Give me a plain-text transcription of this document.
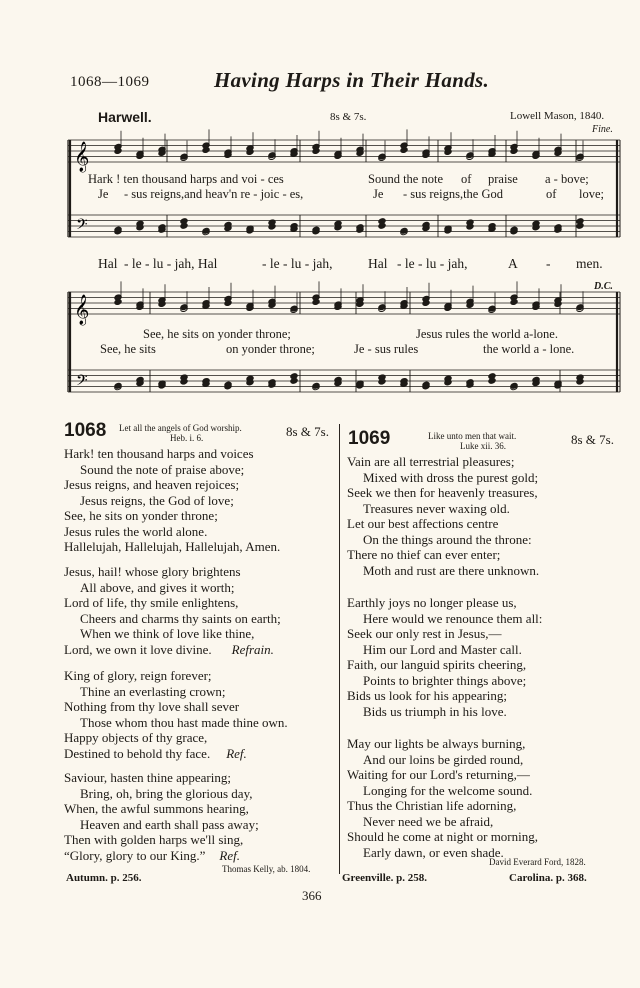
1068—1069	Having Harps in Their Hands.
Harwell.	8s & 7s.	Lowell Mason, 1840.
Fine.
D.C.
𝄞
𝄞
𝄢
𝄢
Hark ! ten thousand harps and voi - ces	Sound the note of praise a - bove;
Je - sus reigns,and heav'n re - joic - es,	Je - sus reigns,the God	of love;
Hal - le - lu - jah, Hal	- le - lu - jah,	Hal - le - lu - jah,	A - men.
See, he sits on yonder throne;	Jesus rules the world a-lone.
See, he sits	on yonder throne;	Je - sus rules	the world a - lone.
1068 Let all the angels of God worship.
Heb. i. 6.	8s & 7s.
Hark! ten thousand harps and voices
Sound the note of praise above;
Jesus reigns, and heaven rejoices;
Jesus reigns, the God of love;
See, he sits on yonder throne;
Jesus rules the world alone.
Hallelujah, Hallelujah, Hallelujah, Amen.
Jesus, hail! whose glory brightens
All above, and gives it worth;
Lord of life, thy smile enlightens,
Cheers and charms thy saints on earth;
When we think of love like thine,
Lord, we own it love divine. Refrain.
King of glory, reign forever;
Thine an everlasting crown;
Nothing from thy love shall sever
Those whom thou hast made thine own.
Happy objects of thy grace,
Destined to behold thy face. Ref.
Saviour, hasten thine appearing;
Bring, oh, bring the glorious day,
When, the awful summons hearing,
Heaven and earth shall pass away;
Then with golden harps we'll sing,
“Glory, glory to our King.” Ref.
Thomas Kelly, ab. 1804.
1069	Like unto men that wait.
Luke xii. 36.	8s & 7s.
Vain are all terrestrial pleasures;
Mixed with dross the purest gold;
Seek we then for heavenly treasures,
Treasures never waxing old.
Let our best affections centre
On the things around the throne:
There no thief can ever enter;
Moth and rust are there unknown.
Earthly joys no longer please us,
Here would we renounce them all:
Seek our only rest in Jesus,—
Him our Lord and Master call.
Faith, our languid spirits cheering,
Points to brighter things above;
Bids us look for his appearing;
Bids us triumph in his love.
May our lights be always burning,
And our loins be girded round,
Waiting for our Lord's returning,—
Longing for the welcome sound.
Thus the Christian life adorning,
Never need we be afraid,
Should he come at night or morning,
Early dawn, or even shade.
David Everard Ford, 1828.
Autumn. p. 256.	Greenville. p. 258.	Carolina. p. 368.
366
